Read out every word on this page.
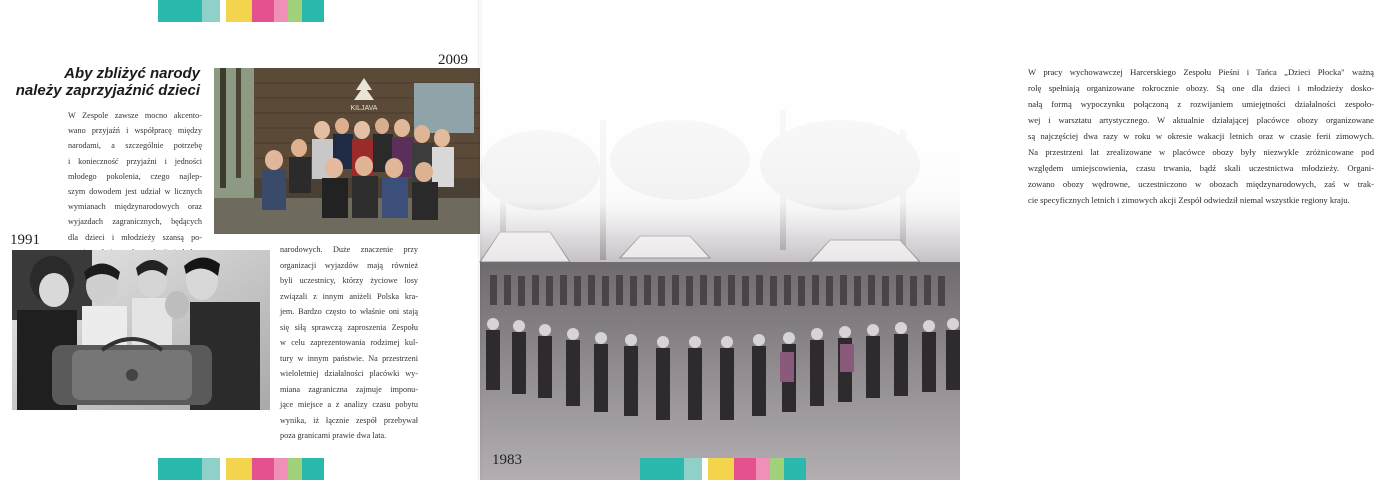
Aby zbliżyć narody
należy zaprzyjaźnić dzieci
W Zespole zawsze mocno akcento-
wano przyjaźń i współpracę między
narodami, a szczególnie potrzebę
i konieczność przyjaźni i jedności
młodego pokolenia, czego najlep-
szym dowodem jest udział w licznych
wymianach międzynarodowych oraz
wyjazdach zagranicznych, będących
dla dzieci i młodzieży szansą po-
1991
2009
KILJAVA
narodowych. Duże znaczenie przy
organizacji wyjazdów mają również
byli uczestnicy, którzy życiowe losy
związali z innym aniżeli Polska kra-
jem. Bardzo często to właśnie oni stają
się siłą sprawczą zaproszenia Zespołu
w celu zaprezentowania rodzimej kul-
tury w innym państwie. Na przestrzeni
wieloletniej działalności placówki wy-
miana zagraniczna zajmuje imponu-
jące miejsce a z analizy czasu pobytu
wynika, iż łącznie zespół przebywał
poza granicami prawie dwa lata.
W pracy wychowawczej Harcerskiego Zespołu Pieśni i Tańca „Dzieci Płocka" ważną
rolę spełniają organizowane rokrocznie obozy. Są one dla dzieci i młodzieży dosko-
nałą formą wypoczynku połączoną z rozwijaniem umiejętności działalności zespoło-
wej i warsztatu artystycznego. W aktualnie działającej placówce obozy organizowane
są najczęściej dwa razy w roku w okresie wakacji letnich oraz w czasie ferii zimowych.
Na przestrzeni lat zrealizowane w placówce obozy były niezwykle zróżnicowane pod
względem umiejscowienia, czasu trwania, bądź skali uczestnictwa młodzieży. Organi-
zowano obozy wędrowne, uczestniczono w obozach międzynarodowych, zaś w trak-
cie specyficznych letnich i zimowych akcji Zespół odwiedził niemal wszystkie regiony kraju.
1983
